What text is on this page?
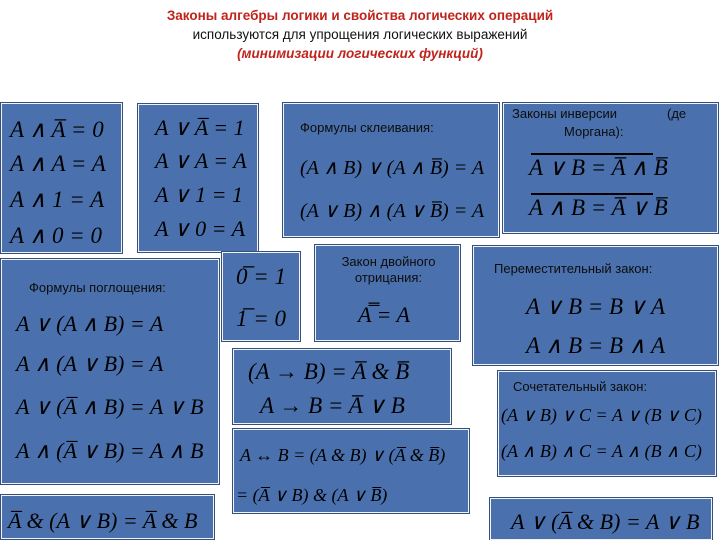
Законы алгебры логики и свойства логических операций
используются для упрощения логических выражений
(минимизации логических функций)
A ∧ A̅ = 0
A ∧ A = A
A ∧ 1 = A
A ∧ 0 = 0
A ∨ A̅ = 1
A ∨ A = A
A ∨ 1 = 1
A ∨ 0 = A
Формулы склеивания:
(A ∧ B) ∨ (A ∧ B̅) = A
(A ∨ B) ∧ (A ∨ B̅) = A
Законы инверсии	(де
Моргана):
A ∨ B = A̅ ∧ B̅
A ∧ B = A̅ ∨ B̅
Формулы поглощения:
A ∨ (A ∧ B) = A
A ∧ (A ∨ B) = A
A ∨ (A̅ ∧ B) = A ∨ B
A ∧ (A̅ ∨ B) = A ∧ B
0̅ = 1
1̅ = 0
Закон двойного отрицания:
A̿ = A
Переместительный закон:
A ∨ B = B ∨ A
A ∧ B = B ∧ A
(A → B) = A̅ & B̅
A → B = A̅ ∨ B
Сочетательный закон:
(A ∨ B) ∨ C = A ∨ (B ∨ C)
(A ∧ B) ∧ C = A ∧ (B ∧ C)
A ↔ B = (A & B) ∨ (A̅ & B̅)
= (A̅ ∨ B) & (A ∨ B̅)
A̅ & (A ∨ B) = A̅ & B	A ∨ (A̅ & B) = A ∨ B
